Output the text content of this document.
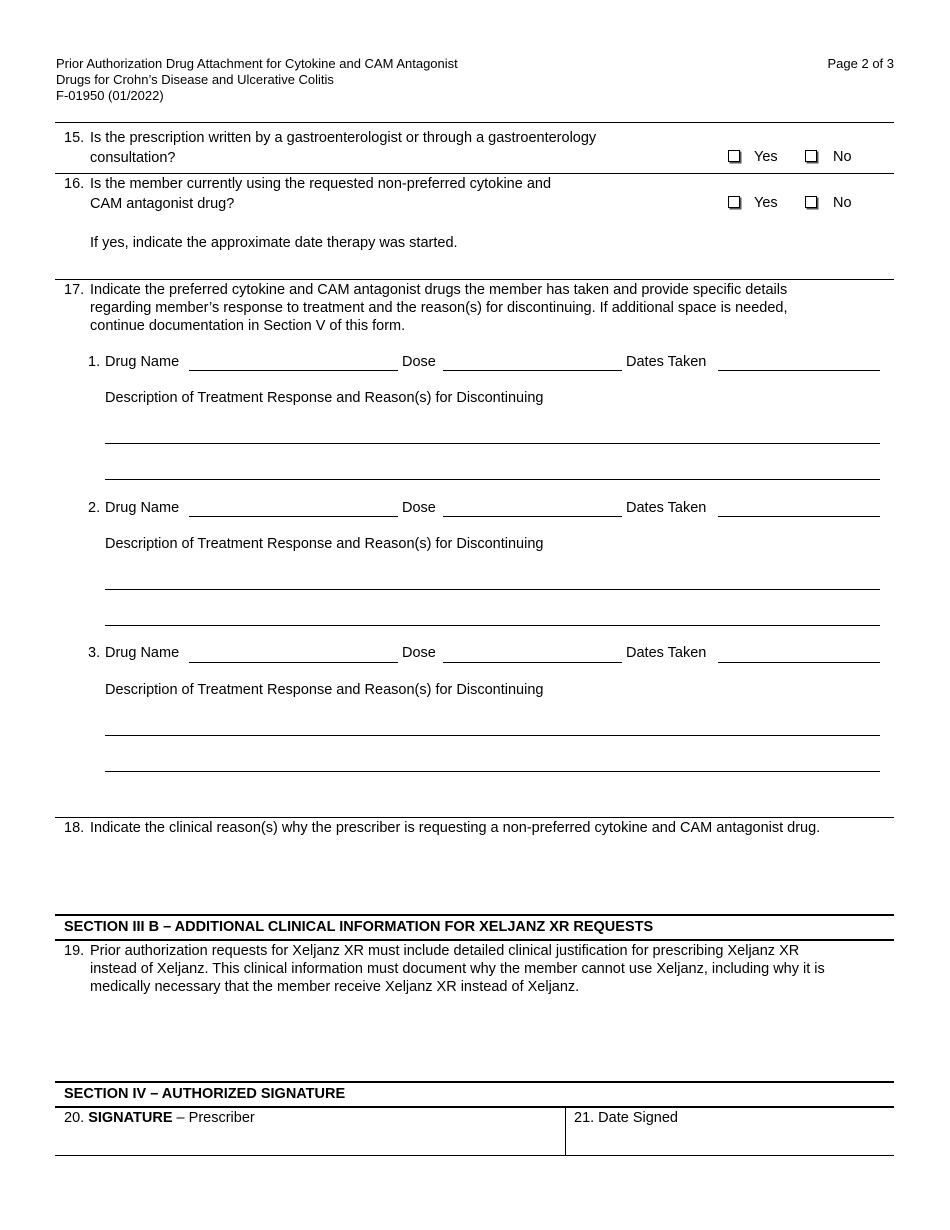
Prior Authorization Drug Attachment for Cytokine and CAM Antagonist
Drugs for Crohn’s Disease and Ulcerative Colitis
F-01950 (01/2022)
Page 2 of 3
15. Is the prescription written by a gastroenterologist or through a gastroenterology
consultation?	Yes	No
16. Is the member currently using the requested non-preferred cytokine and
CAM antagonist drug?	Yes	No
If yes, indicate the approximate date therapy was started.
17. Indicate the preferred cytokine and CAM antagonist drugs the member has taken and provide specific details
regarding member’s response to treatment and the reason(s) for discontinuing. If additional space is needed,
continue documentation in Section V of this form.
1. Drug Name	Dose	Dates Taken
Description of Treatment Response and Reason(s) for Discontinuing
2. Drug Name	Dose	Dates Taken
Description of Treatment Response and Reason(s) for Discontinuing
3. Drug Name	Dose	Dates Taken
Description of Treatment Response and Reason(s) for Discontinuing
18. Indicate the clinical reason(s) why the prescriber is requesting a non-preferred cytokine and CAM antagonist drug.
SECTION III B – ADDITIONAL CLINICAL INFORMATION FOR XELJANZ XR REQUESTS
19. Prior authorization requests for Xeljanz XR must include detailed clinical justification for prescribing Xeljanz XR
instead of Xeljanz. This clinical information must document why the member cannot use Xeljanz, including why it is
medically necessary that the member receive Xeljanz XR instead of Xeljanz.
SECTION IV – AUTHORIZED SIGNATURE
20. SIGNATURE – Prescriber	21. Date Signed
